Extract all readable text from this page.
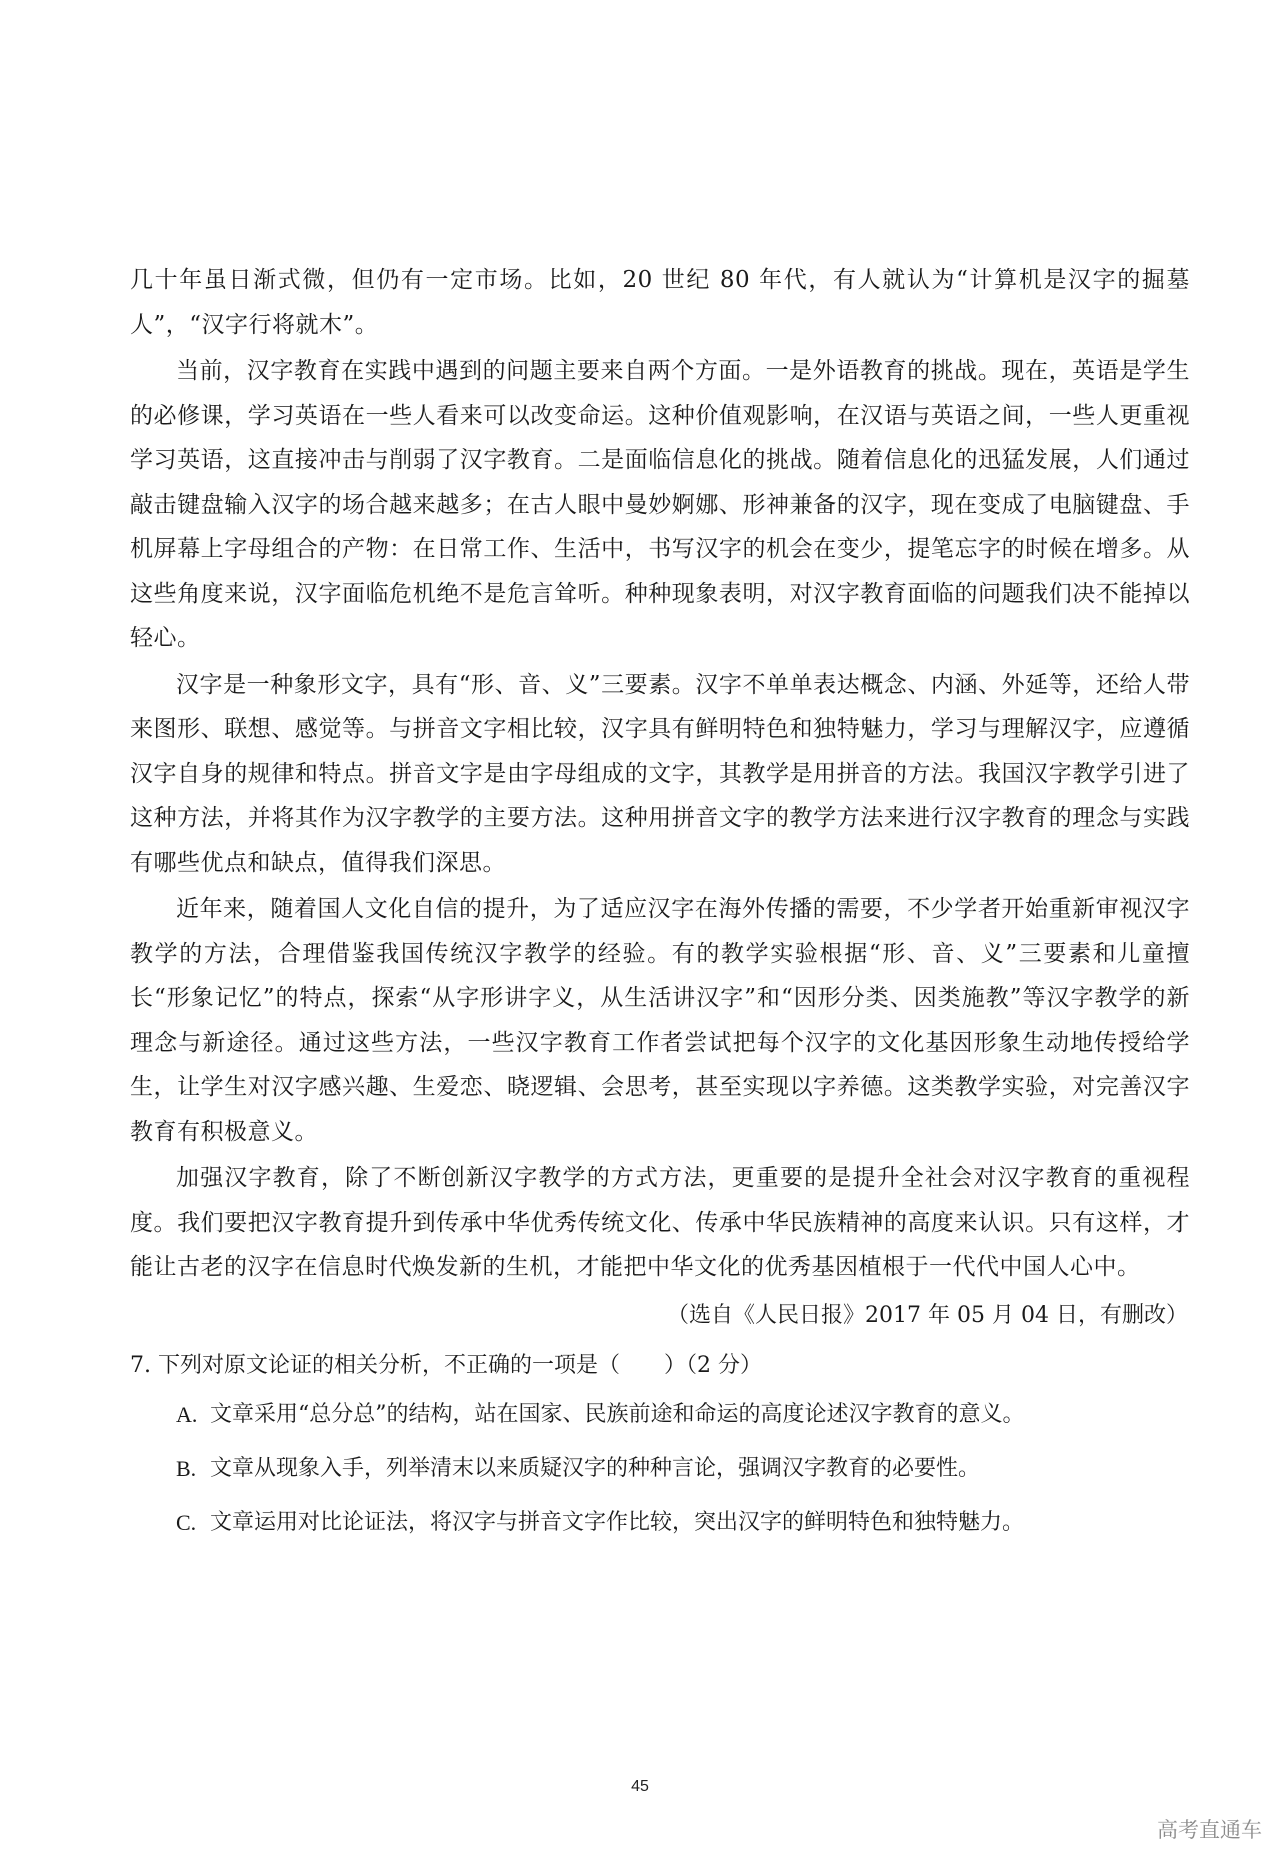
几十年虽日渐式微，但仍有一定市场。比如，20 世纪 80 年代，有人就认为“计算机是汉字的掘墓人”，“汉字行将就木”。

当前，汉字教育在实践中遇到的问题主要来自两个方面。一是外语教育的挑战。现在，英语是学生的必修课，学习英语在一些人看来可以改变命运。这种价值观影响，在汉语与英语之间，一些人更重视学习英语，这直接冲击与削弱了汉字教育。二是面临信息化的挑战。随着信息化的迅猛发展，人们通过敲击键盘输入汉字的场合越来越多；在古人眼中曼妙婀娜、形神兼备的汉字，现在变成了电脑键盘、手机屏幕上字母组合的产物：在日常工作、生活中，书写汉字的机会在变少，提笔忘字的时候在增多。从这些角度来说，汉字面临危机绝不是危言耸听。种种现象表明，对汉字教育面临的问题我们决不能掉以轻心。

汉字是一种象形文字，具有“形、音、义”三要素。汉字不单单表达概念、内涵、外延等，还给人带来图形、联想、感觉等。与拼音文字相比较，汉字具有鲜明特色和独特魅力，学习与理解汉字，应遵循汉字自身的规律和特点。拼音文字是由字母组成的文字，其教学是用拼音的方法。我国汉字教学引进了这种方法，并将其作为汉字教学的主要方法。这种用拼音文字的教学方法来进行汉字教育的理念与实践有哪些优点和缺点，值得我们深思。

近年来，随着国人文化自信的提升，为了适应汉字在海外传播的需要，不少学者开始重新审视汉字教学的方法，合理借鉴我国传统汉字教学的经验。有的教学实验根据“形、音、义”三要素和儿童擅长“形象记忆”的特点，探索“从字形讲字义，从生活讲汉字”和“因形分类、因类施教”等汉字教学的新理念与新途径。通过这些方法，一些汉字教育工作者尝试把每个汉字的文化基因形象生动地传授给学生，让学生对汉字感兴趣、生爱恋、晓逻辑、会思考，甚至实现以字养德。这类教学实验，对完善汉字教育有积极意义。

加强汉字教育，除了不断创新汉字教学的方式方法，更重要的是提升全社会对汉字教育的重视程度。我们要把汉字教育提升到传承中华优秀传统文化、传承中华民族精神的高度来认识。只有这样，才能让古老的汉字在信息时代焕发新的生机，才能把中华文化的优秀基因植根于一代代中国人心中。

（选自《人民日报》2017 年 05 月 04 日，有删改）

7. 下列对原文论证的相关分析，不正确的一项是（　　）（2 分）

A. 文章采用“总分总”的结构，站在国家、民族前途和命运的高度论述汉字教育的意义。
B. 文章从现象入手，列举清末以来质疑汉字的种种言论，强调汉字教育的必要性。
C. 文章运用对比论证法，将汉字与拼音文字作比较，突出汉字的鲜明特色和独特魅力。
45
高考直通车
